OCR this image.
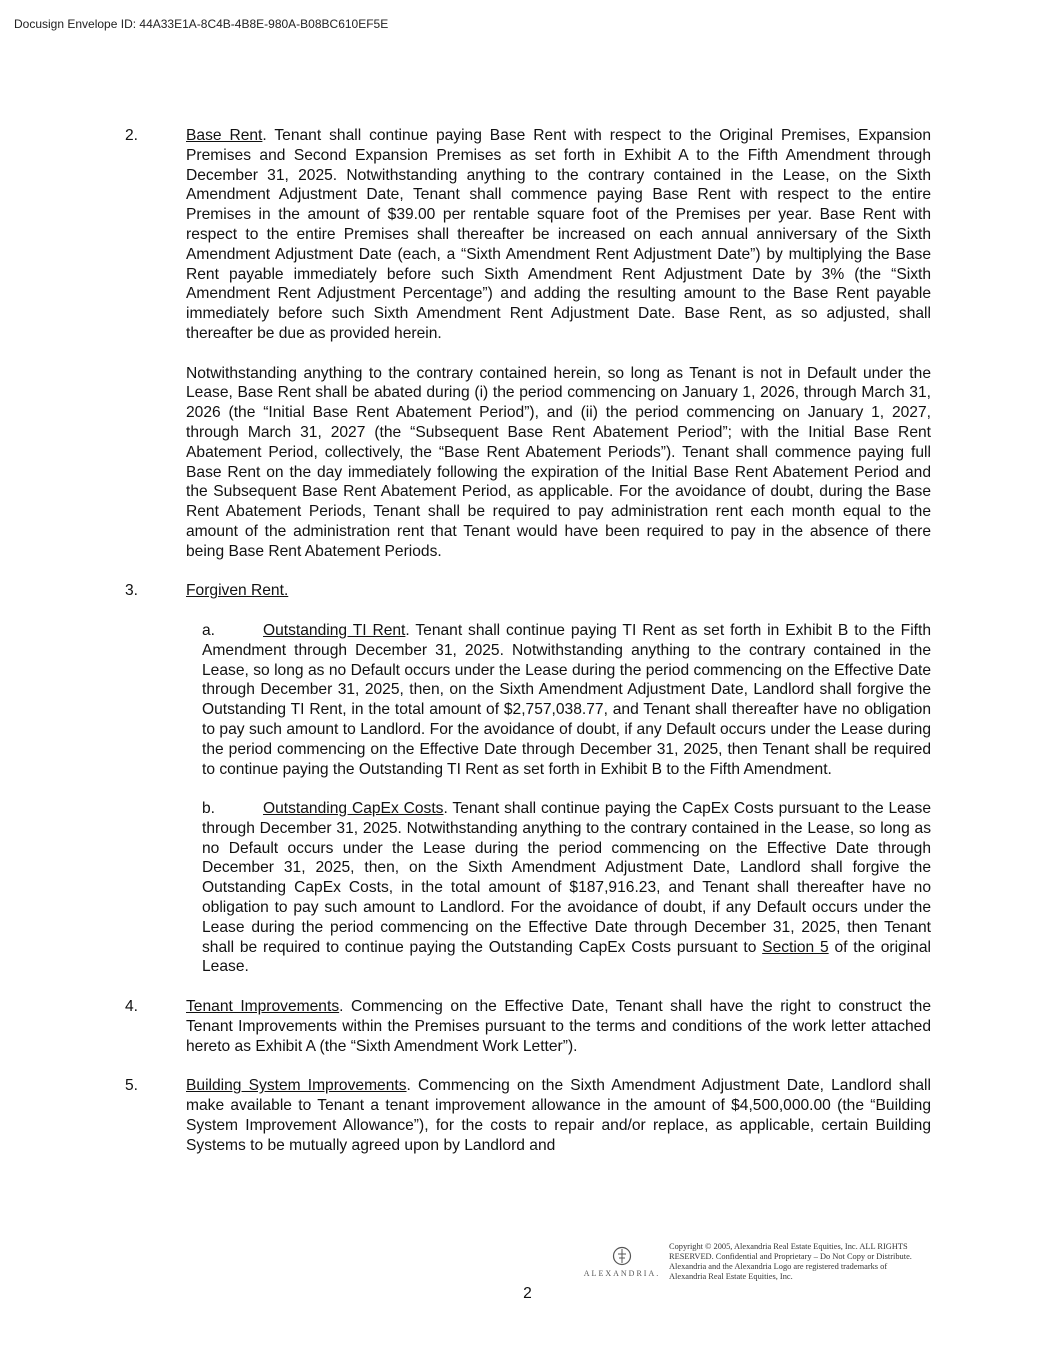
Docusign Envelope ID: 44A33E1A-8C4B-4B8E-980A-B08BC610EF5E
2.	Base Rent. Tenant shall continue paying Base Rent with respect to the Original Premises, Expansion Premises and Second Expansion Premises as set forth in Exhibit A to the Fifth Amendment through December 31, 2025. Notwithstanding anything to the contrary contained in the Lease, on the Sixth Amendment Adjustment Date, Tenant shall commence paying Base Rent with respect to the entire Premises in the amount of $39.00 per rentable square foot of the Premises per year. Base Rent with respect to the entire Premises shall thereafter be increased on each annual anniversary of the Sixth Amendment Adjustment Date (each, a “Sixth Amendment Rent Adjustment Date”) by multiplying the Base Rent payable immediately before such Sixth Amendment Rent Adjustment Date by 3% (the “Sixth Amendment Rent Adjustment Percentage”) and adding the resulting amount to the Base Rent payable immediately before such Sixth Amendment Rent Adjustment Date. Base Rent, as so adjusted, shall thereafter be due as provided herein.

Notwithstanding anything to the contrary contained herein, so long as Tenant is not in Default under the Lease, Base Rent shall be abated during (i) the period commencing on January 1, 2026, through March 31, 2026 (the “Initial Base Rent Abatement Period”), and (ii) the period commencing on January 1, 2027, through March 31, 2027 (the “Subsequent Base Rent Abatement Period”; with the Initial Base Rent Abatement Period, collectively, the “Base Rent Abatement Periods”). Tenant shall commence paying full Base Rent on the day immediately following the expiration of the Initial Base Rent Abatement Period and the Subsequent Base Rent Abatement Period, as applicable. For the avoidance of doubt, during the Base Rent Abatement Periods, Tenant shall be required to pay administration rent each month equal to the amount of the administration rent that Tenant would have been required to pay in the absence of there being Base Rent Abatement Periods.

3.	Forgiven Rent.

a.	Outstanding TI Rent. Tenant shall continue paying TI Rent as set forth in Exhibit B to the Fifth Amendment through December 31, 2025. Notwithstanding anything to the contrary contained in the Lease, so long as no Default occurs under the Lease during the period commencing on the Effective Date through December 31, 2025, then, on the Sixth Amendment Adjustment Date, Landlord shall forgive the Outstanding TI Rent, in the total amount of $2,757,038.77, and Tenant shall thereafter have no obligation to pay such amount to Landlord. For the avoidance of doubt, if any Default occurs under the Lease during the period commencing on the Effective Date through December 31, 2025, then Tenant shall be required to continue paying the Outstanding TI Rent as set forth in Exhibit B to the Fifth Amendment.

b.	Outstanding CapEx Costs. Tenant shall continue paying the CapEx Costs pursuant to the Lease through December 31, 2025. Notwithstanding anything to the contrary contained in the Lease, so long as no Default occurs under the Lease during the period commencing on the Effective Date through December 31, 2025, then, on the Sixth Amendment Adjustment Date, Landlord shall forgive the Outstanding CapEx Costs, in the total amount of $187,916.23, and Tenant shall thereafter have no obligation to pay such amount to Landlord. For the avoidance of doubt, if any Default occurs under the Lease during the period commencing on the Effective Date through December 31, 2025, then Tenant shall be required to continue paying the Outstanding CapEx Costs pursuant to Section 5 of the original Lease.

4.	Tenant Improvements. Commencing on the Effective Date, Tenant shall have the right to construct the Tenant Improvements within the Premises pursuant to the terms and conditions of the work letter attached hereto as Exhibit A (the “Sixth Amendment Work Letter”).

5.	Building System Improvements. Commencing on the Sixth Amendment Adjustment Date, Landlord shall make available to Tenant a tenant improvement allowance in the amount of $4,500,000.00 (the “Building System Improvement Allowance”), for the costs to repair and/or replace, as applicable, certain Building Systems to be mutually agreed upon by Landlord and

ALEXANDRIA.
Copyright © 2005, Alexandria Real Estate Equities, Inc. ALL RIGHTS RESERVED. Confidential and Proprietary – Do Not Copy or Distribute. Alexandria and the Alexandria Logo are registered trademarks of Alexandria Real Estate Equities, Inc.
2
